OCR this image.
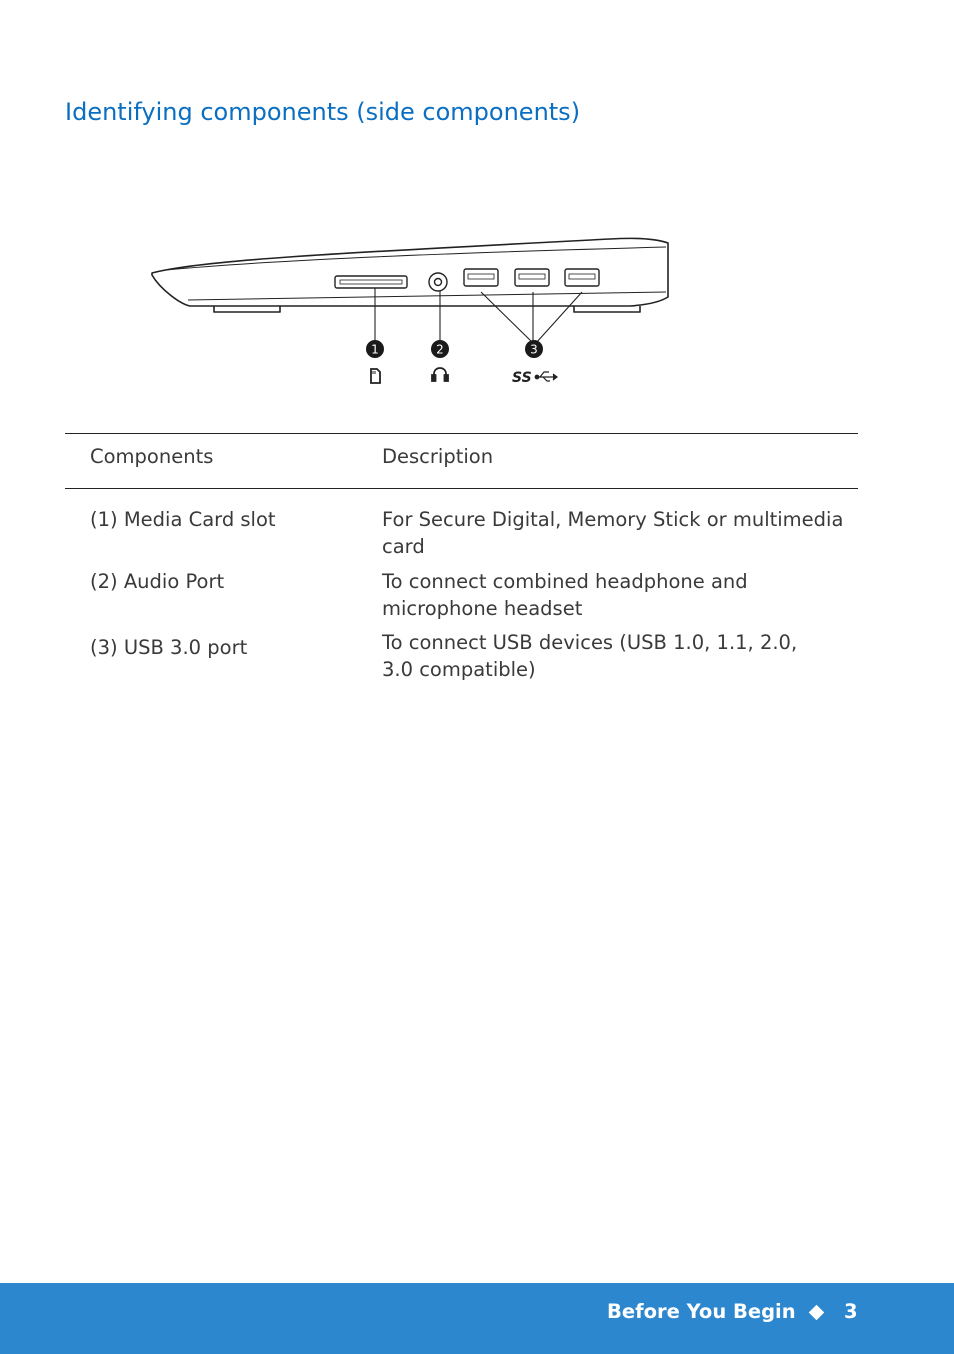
Identifying components (side components)
1	2	3
SS
Components	Description
(1) Media Card slot	For Secure Digital, Memory Stick or multimedia
card
(2) Audio Port	To connect combined headphone and
microphone headset
(3) USB 3.0 port	To connect USB devices (USB 1.0, 1.1, 2.0,
3.0 compatible)
Before You Begin 3
